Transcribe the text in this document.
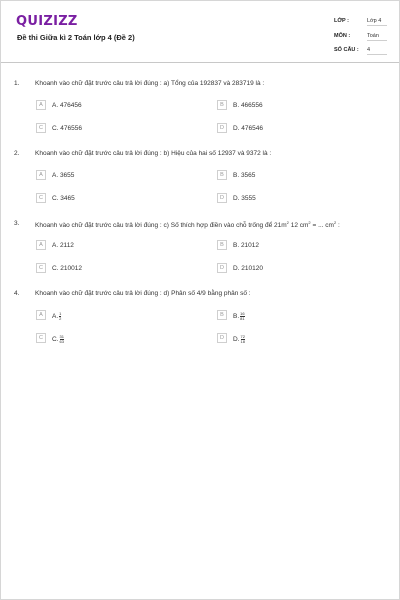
QUIZIZZ
Đề thi Giữa kì 2 Toán lớp 4 (Đề 2)
LỚP :	Lớp 4
MÔN :	Toán
SỐ CÂU : 4
1. Khoanh vào chữ đặt trước câu trả lời đúng : a) Tổng của 192837 và 283719 là :
A	A. 476456	B	B. 466556
C	C. 476556	D	D. 476546
2. Khoanh vào chữ đặt trước câu trả lời đúng : b) Hiệu của hai số 12937 và 9372 là :
A	A. 3655	B	B. 3565
C	C. 3465	D	D. 3555
3. Khoanh vào chữ đặt trước câu trả lời đúng : c) Số thích hợp điền vào chỗ trống để $21m^2$ 12 $cm^2$ = ... $cm^2$ :
A	A. 2112	B	B. 21012
C	C. 210012	D	D. 210120
4. Khoanh vào chữ đặt trước câu trả lời đúng : d) Phân số 4/9 bằng phân số :
A	A. $\frac{1}{2}$	B	B. $\frac{16}{81}$
C	C. $\frac{31}{63}$	D	D. $\frac{72}{18}$
